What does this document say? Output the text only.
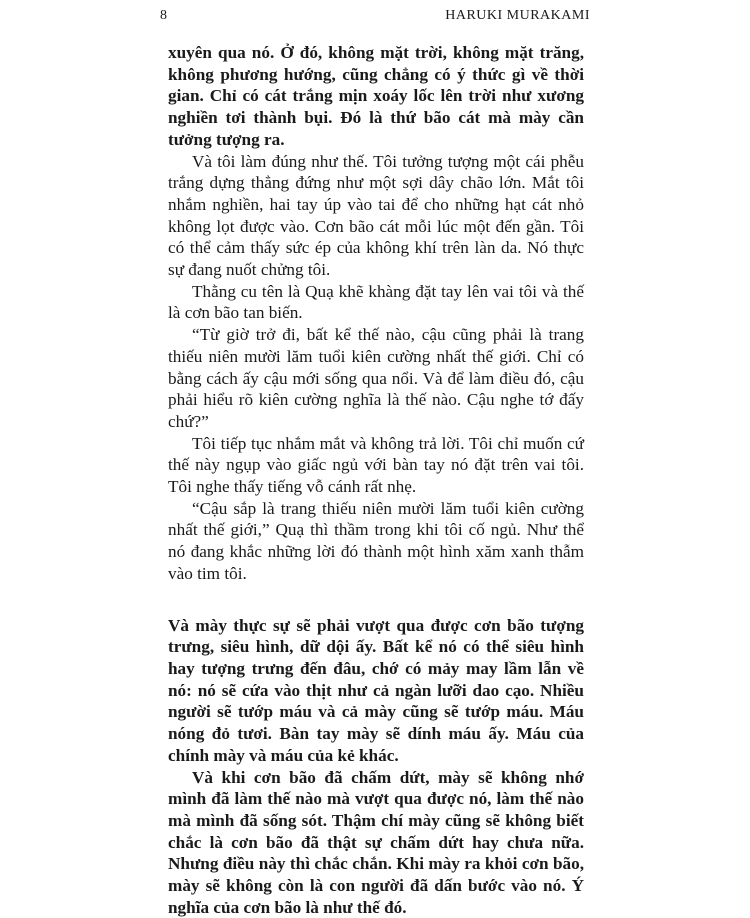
8	HARUKI MURAKAMI

xuyên qua nó. Ở đó, không mặt trời, không mặt trăng, không phương hướng, cũng chẳng có ý thức gì về thời gian. Chỉ có cát trắng mịn xoáy lốc lên trời như xương nghiền tơi thành bụi. Đó là thứ bão cát mà mày cần tưởng tượng ra.

Và tôi làm đúng như thế. Tôi tưởng tượng một cái phễu trắng dựng thẳng đứng như một sợi dây chão lớn. Mắt tôi nhắm nghiền, hai tay úp vào tai để cho những hạt cát nhỏ không lọt được vào. Cơn bão cát mỗi lúc một đến gần. Tôi có thể cảm thấy sức ép của không khí trên làn da. Nó thực sự đang nuốt chửng tôi.

Thằng cu tên là Quạ khẽ khàng đặt tay lên vai tôi và thế là cơn bão tan biến.

“Từ giờ trở đi, bất kể thế nào, cậu cũng phải là trang thiếu niên mười lăm tuổi kiên cường nhất thế giới. Chỉ có bằng cách ấy cậu mới sống qua nổi. Và để làm điều đó, cậu phải hiểu rõ kiên cường nghĩa là thế nào. Cậu nghe tớ đấy chứ?”

Tôi tiếp tục nhắm mắt và không trả lời. Tôi chỉ muốn cứ thế này ngụp vào giấc ngủ với bàn tay nó đặt trên vai tôi. Tôi nghe thấy tiếng vỗ cánh rất nhẹ.

“Cậu sắp là trang thiếu niên mười lăm tuổi kiên cường nhất thế giới,” Quạ thì thầm trong khi tôi cố ngủ. Như thể nó đang khắc những lời đó thành một hình xăm xanh thẫm vào tim tôi.

Và mày thực sự sẽ phải vượt qua được cơn bão tượng trưng, siêu hình, dữ dội ấy. Bất kể nó có thể siêu hình hay tượng trưng đến đâu, chớ có mảy may lầm lẫn về nó: nó sẽ cứa vào thịt như cả ngàn lưỡi dao cạo. Nhiều người sẽ tướp máu và cả mày cũng sẽ tướp máu. Máu nóng đỏ tươi. Bàn tay mày sẽ dính máu ấy. Máu của chính mày và máu của kẻ khác.

Và khi cơn bão đã chấm dứt, mày sẽ không nhớ mình đã làm thế nào mà vượt qua được nó, làm thế nào mà mình đã sống sót. Thậm chí mày cũng sẽ không biết chắc là cơn bão đã thật sự chấm dứt hay chưa nữa. Nhưng điều này thì chắc chắn. Khi mày ra khỏi cơn bão, mày sẽ không còn là con người đã dấn bước vào nó. Ý nghĩa của cơn bão là như thế đó.
